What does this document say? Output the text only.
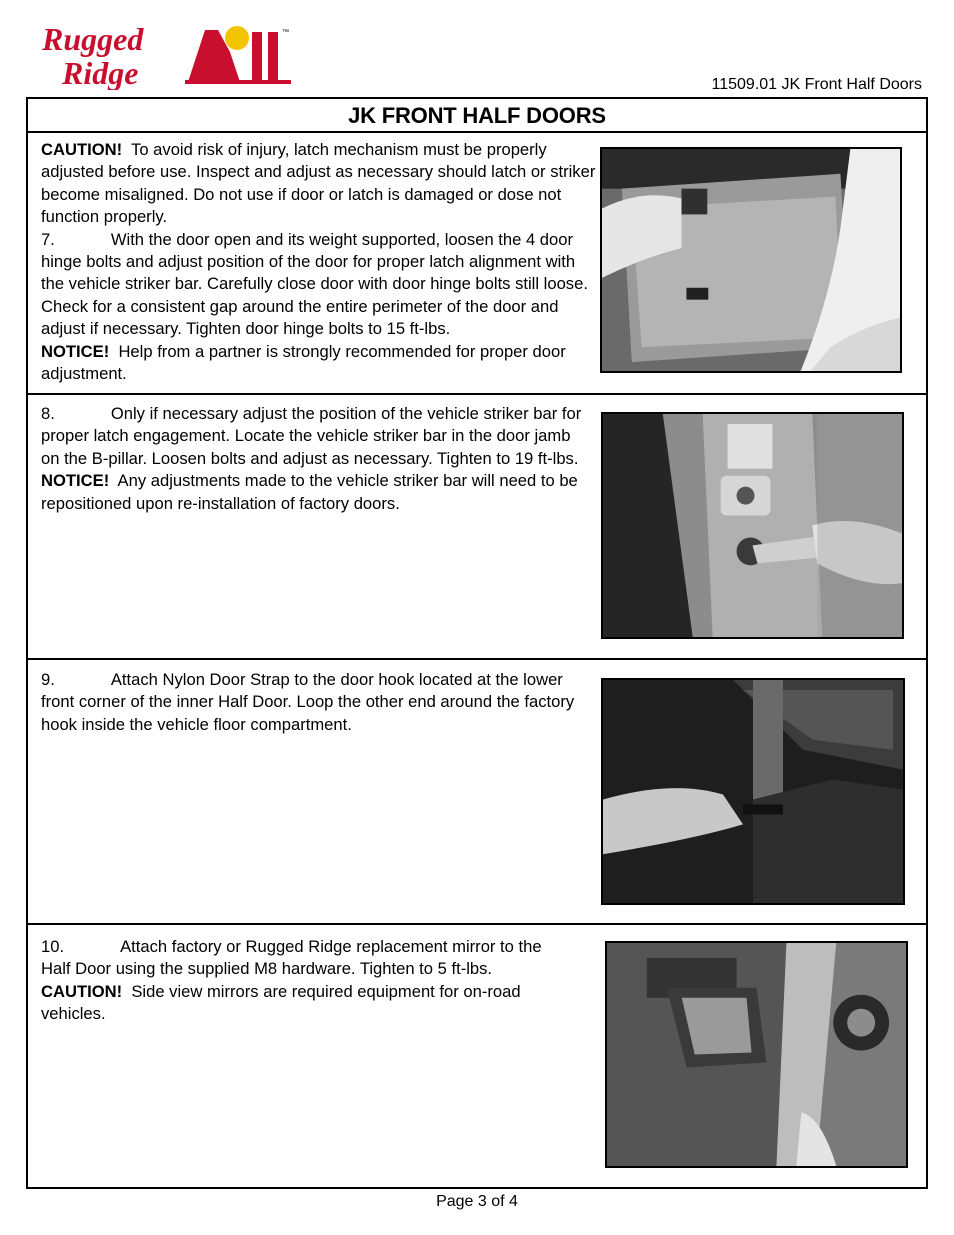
Rugged
Ridge
™
11509.01 JK Front Half Doors
JK FRONT HALF DOORS

CAUTION! To avoid risk of injury, latch mechanism must be properly adjusted before use. Inspect and adjust as necessary should latch or striker become misaligned. Do not use if door or latch is damaged or dose not function properly.

7.	With the door open and its weight supported, loosen the 4 door hinge bolts and adjust position of the door for proper latch alignment with the vehicle striker bar. Carefully close door with door hinge bolts still loose. Check for a consistent gap around the entire perimeter of the door and adjust if necessary. Tighten door hinge bolts to 15 ft-lbs.

NOTICE! Help from a partner is strongly recommended for proper door adjustment.

8.	Only if necessary adjust the position of the vehicle striker bar for proper latch engagement. Locate the vehicle striker bar in the door jamb on the B-pillar. Loosen bolts and adjust as necessary. Tighten to 19 ft-lbs.  NOTICE! Any adjustments made to the vehicle striker bar will need to be repositioned upon re-installation of factory doors.

9.	Attach Nylon Door Strap to the door hook located at the lower front corner of the inner Half Door. Loop the other end around the factory hook inside the vehicle floor compartment.

10.	Attach factory or Rugged Ridge replacement mirror to the Half Door using the supplied M8 hardware. Tighten to 5 ft-lbs.

CAUTION! Side view mirrors are required equipment for on-road vehicles.

Page 3 of 4
